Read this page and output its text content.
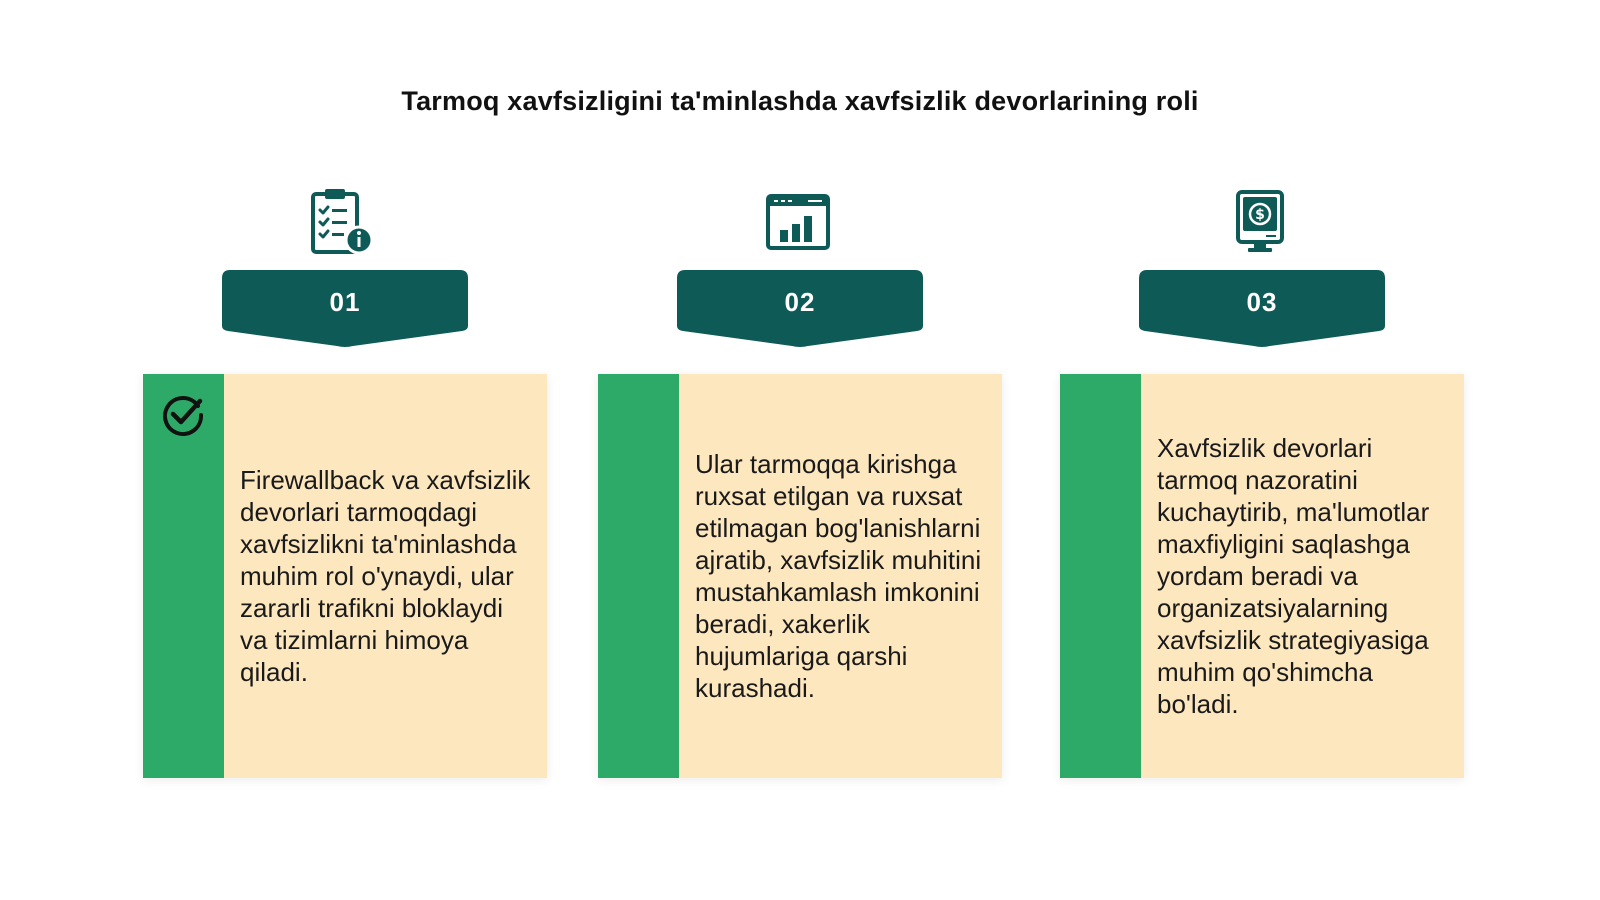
Tarmoq xavfsizligini ta'minlashda xavfsizlik devorlarining roli
01
Firewallback va xavfsizlik devorlari tarmoqdagi xavfsizlikni ta'minlashda muhim rol o'ynaydi, ular zararli trafikni bloklaydi va tizimlarni himoya qiladi.
02
Ular tarmoqqa kirishga ruxsat etilgan va ruxsat etilmagan bog'lanishlarni ajratib, xavfsizlik muhitini mustahkamlash imkonini beradi, xakerlik hujumlariga qarshi kurashadi.
$
03
Xavfsizlik devorlari tarmoq nazoratini kuchaytirib, ma'lumotlar maxfiyligini saqlashga yordam beradi va organizatsiyalarning xavfsizlik strategiyasiga muhim qo'shimcha bo'ladi.
